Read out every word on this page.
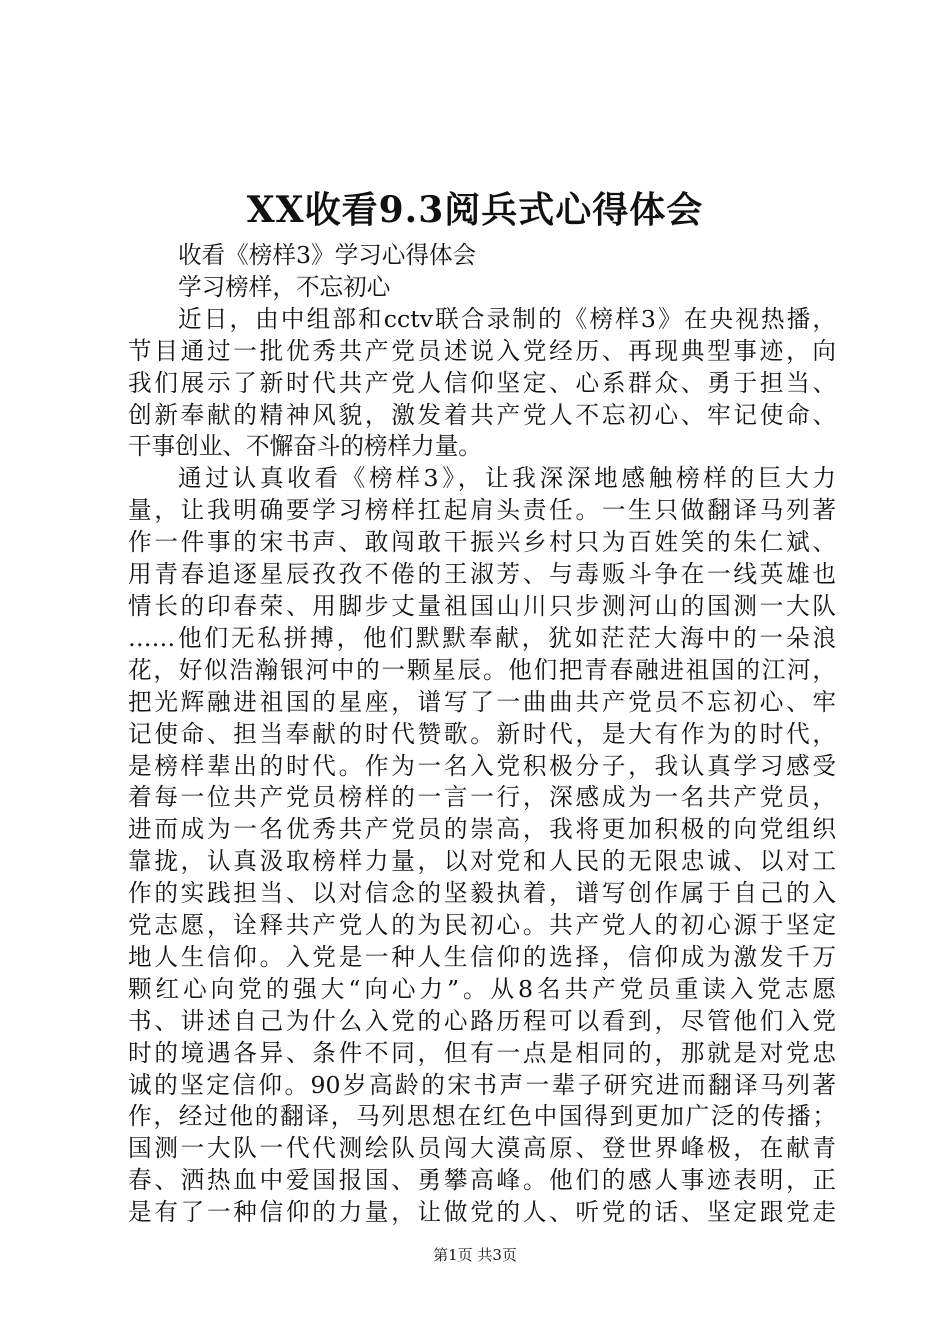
XX收看9.3阅兵式心得体会
收看《榜样3》学习心得体会
学习榜样，不忘初心
近日，由中组部和cctv联合录制的《榜样3》在央视热播，
节目通过一批优秀共产党员述说入党经历、再现典型事迹，向
我们展示了新时代共产党人信仰坚定、心系群众、勇于担当、
创新奉献的精神风貌，激发着共产党人不忘初心、牢记使命、
干事创业、不懈奋斗的榜样力量。
通过认真收看《榜样3》，让我深深地感触榜样的巨大力
量，让我明确要学习榜样扛起肩头责任。一生只做翻译马列著
作一件事的宋书声、敢闯敢干振兴乡村只为百姓笑的朱仁斌、
用青春追逐星辰孜孜不倦的王淑芳、与毒贩斗争在一线英雄也
情长的印春荣、用脚步丈量祖国山川只步测河山的国测一大队
……他们无私拼搏，他们默默奉献，犹如茫茫大海中的一朵浪
花，好似浩瀚银河中的一颗星辰。他们把青春融进祖国的江河，
把光辉融进祖国的星座，谱写了一曲曲共产党员不忘初心、牢
记使命、担当奉献的时代赞歌。新时代，是大有作为的时代，
是榜样辈出的时代。作为一名入党积极分子，我认真学习感受
着每一位共产党员榜样的一言一行，深感成为一名共产党员，
进而成为一名优秀共产党员的崇高，我将更加积极的向党组织
靠拢，认真汲取榜样力量，以对党和人民的无限忠诚、以对工
作的实践担当、以对信念的坚毅执着，谱写创作属于自己的入
党志愿，诠释共产党人的为民初心。共产党人的初心源于坚定
地人生信仰。入党是一种人生信仰的选择，信仰成为激发千万
颗红心向党的强大“向心力”。从8名共产党员重读入党志愿
书、讲述自己为什么入党的心路历程可以看到，尽管他们入党
时的境遇各异、条件不同，但有一点是相同的，那就是对党忠
诚的坚定信仰。90岁高龄的宋书声一辈子研究进而翻译马列著
作，经过他的翻译，马列思想在红色中国得到更加广泛的传播；
国测一大队一代代测绘队员闯大漠高原、登世界峰极，在献青
春、洒热血中爱国报国、勇攀高峰。他们的感人事迹表明，正
是有了一种信仰的力量，让做党的人、听党的话、坚定跟党走
第1页 共3页
